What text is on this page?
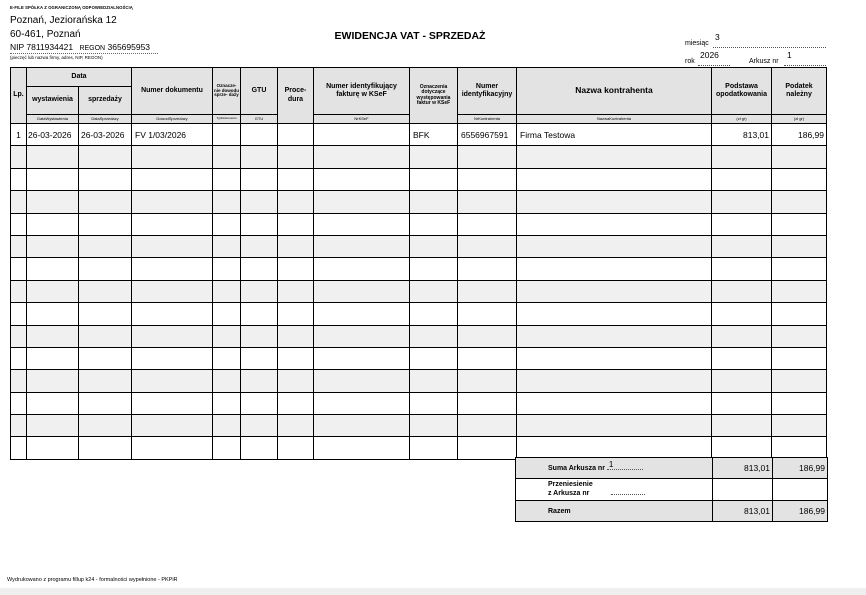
E-FILE SPÓŁKA Z OGRANICZONĄ ODPOWIEDZIALNOŚCIĄ
Poznań, Jeziorańska 12
60-461, Poznań
NIP 7811934421 REGON 365695953
(pieczęć lub nazwa firmy, adres, NIP, REGON)
EWIDENCJA VAT - SPRZEDAŻ	3
miesiąc
2026
rok
1
Arkusz nr
Lp.	Data		Numer dokumentu	Oznacze- nie dowodu sprze- daży	GTU	Proce- dura	Numer identyfikujący fakturę w KSeF	Oznaczenia dotyczące występowania faktur w KSeF	Numer identyfikacyjny	Nazwa kontrahenta	Podstawa opodatkowania	Podatek należny
	wystawienia	sprzedaży										
	DataWystawienia	DataSprzedazy	DowodSprzedazy	TypDokumentu	GTU		NrKSeF		NrKontrahenta	NazwaKontrahenta	(zł gr)	(zł gr)
1	26-03-2026	26-03-2026	FV 1/03/2026					BFK	6556967591	Firma Testowa	813,01	186,99

Suma Arkusza nr 1	813,01	186,99

Przeniesienie
z Arkusza nr		

Razem	813,01	186,99
Wydrukowano z programu fillup k24 - formalności wypełnione - PKPiR
